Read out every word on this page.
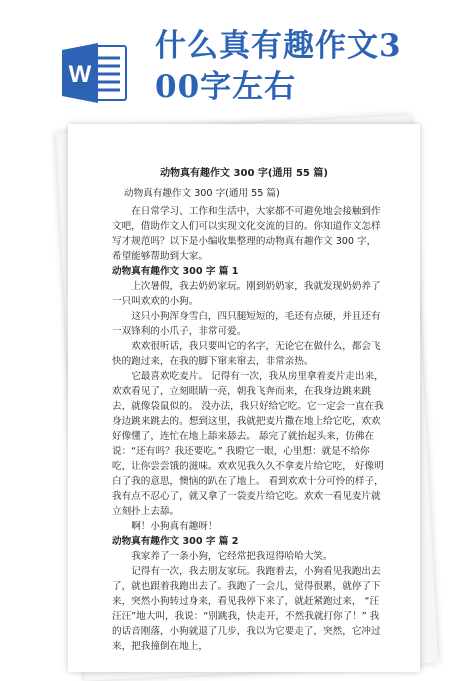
W
什么真有趣作文3
00字左右
动物真有趣作文 300 字(通用 55 篇)

动物真有趣作文 300 字(通用 55 篇)

在日常学习、工作和生活中，大家都不可避免地会接触到作文吧，借助作文人们可以实现文化交流的目的。你知道作文怎样写才规范吗？以下是小编收集整理的动物真有趣作文 300 字，希望能够帮助到大家。

动物真有趣作文 300 字 篇 1

上次暑假，我去奶奶家玩。刚到奶奶家，我就发现奶奶养了一只叫欢欢的小狗。

这只小狗浑身雪白，四只腿短短的，毛还有点硬，并且还有一双锋利的小爪子，非常可爱。

欢欢很听话，我只要叫它的名字，无论它在做什么，都会飞快的跑过来，在我的脚下窜来窜去，非常亲热。

它最喜欢吃麦片。 记得有一次，我从房里拿着麦片走出来，欢欢看见了，立刻眼睛一亮，朝我飞奔而来，在我身边跳来跳去，就像袋鼠似的。 没办法，我只好给它吃。它一定会一直在我身边跳来跳去的。想到这里，我就把麦片撒在地上给它吃，欢欢好像懂了，连忙在地上舔来舔去。 舔完了就抬起头来，仿佛在说：“还有吗？我还要吃。” 我瞪它一眼，心里想：就是不给你吃，让你尝尝饿的滋味。欢欢见我久久不拿麦片给它吃， 好像明白了我的意思，懊恼的趴在了地上。 看到欢欢十分可怜的样子，我有点不忍心了，就又拿了一袋麦片给它吃。欢欢一看见麦片就立刻扑上去舔。

啊！小狗真有趣呀！

动物真有趣作文 300 字 篇 2

我家养了一条小狗，它经常把我逗得哈哈大笑。

记得有一次，我去朋友家玩。我跑着去，小狗看见我跑出去了，就也跟着我跑出去了。我跑了一会儿，觉得很累，就停了下来，突然小狗转过身来，看见我停下来了，就赶紧跑过来， “汪汪汪”地大叫，我说：“别跳我，快走开，不然我就打你了！” 我的话音刚落，小狗就退了几步，我以为它要走了，突然，它冲过来，把我撞倒在地上，
